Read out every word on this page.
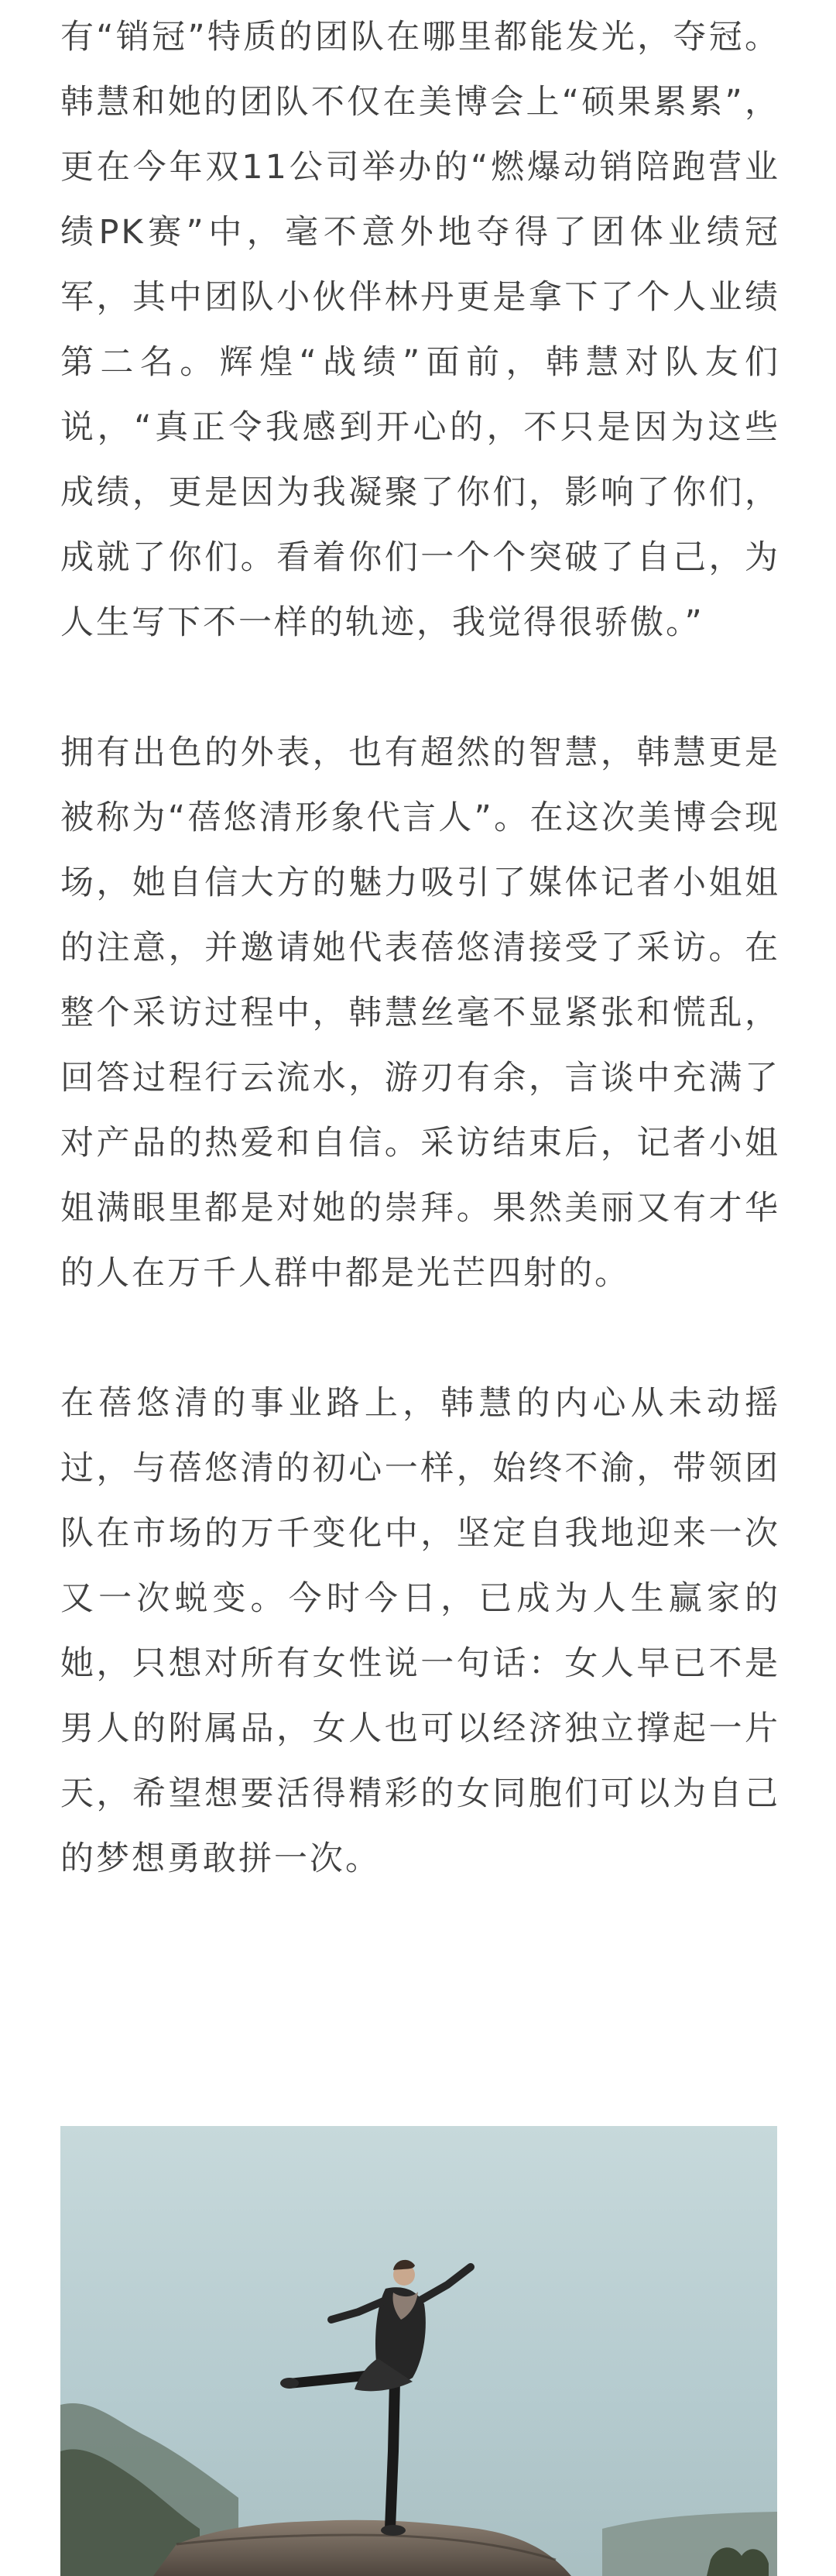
有“销冠”特质的团队在哪里都能发光，夺冠。韩慧和她的团队不仅在美博会上“硕果累累”，更在今年双11公司举办的“燃爆动销陪跑营业绩PK赛”中，毫不意外地夺得了团体业绩冠军，其中团队小伙伴林丹更是拿下了个人业绩第二名。辉煌“战绩”面前，韩慧对队友们说，“真正令我感到开心的，不只是因为这些成绩，更是因为我凝聚了你们，影响了你们，成就了你们。看着你们一个个突破了自己，为人生写下不一样的轨迹，我觉得很骄傲。”

拥有出色的外表，也有超然的智慧，韩慧更是被称为“蓓悠清形象代言人”。在这次美博会现场，她自信大方的魅力吸引了媒体记者小姐姐的注意，并邀请她代表蓓悠清接受了采访。在整个采访过程中，韩慧丝毫不显紧张和慌乱，回答过程行云流水，游刃有余，言谈中充满了对产品的热爱和自信。采访结束后，记者小姐姐满眼里都是对她的崇拜。果然美丽又有才华的人在万千人群中都是光芒四射的。

在蓓悠清的事业路上，韩慧的内心从未动摇过，与蓓悠清的初心一样，始终不渝，带领团队在市场的万千变化中，坚定自我地迎来一次又一次蜕变。今时今日，已成为人生赢家的她，只想对所有女性说一句话：女人早已不是男人的附属品，女人也可以经济独立撑起一片天，希望想要活得精彩的女同胞们可以为自己的梦想勇敢拼一次。
